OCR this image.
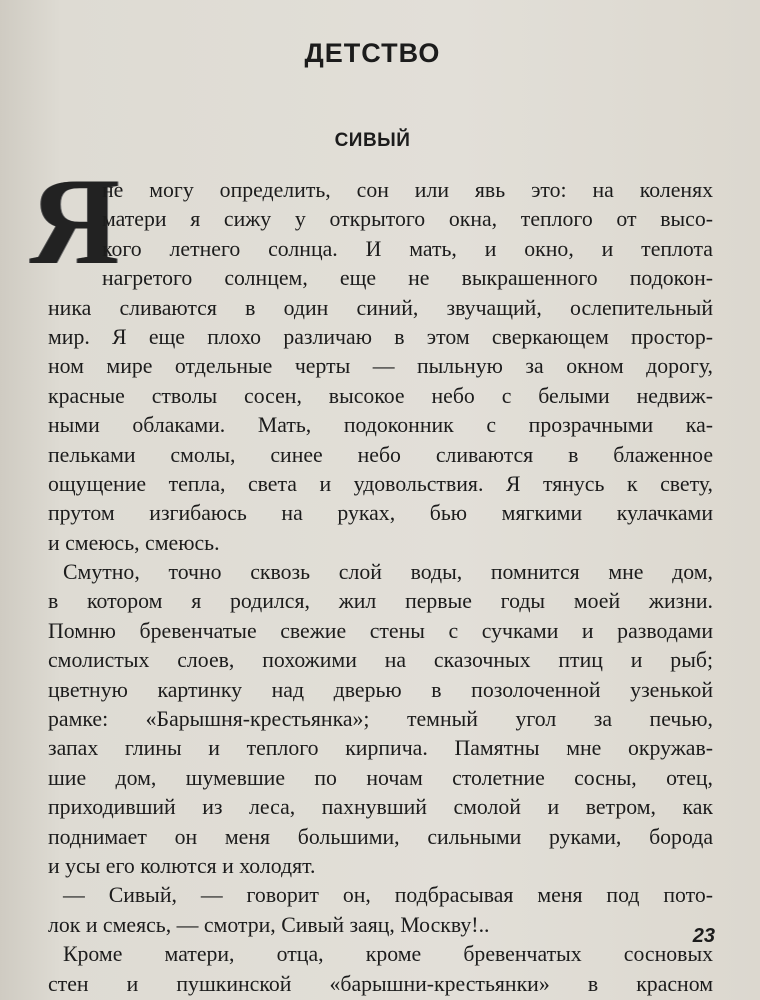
ДЕТСТВО
СИВЫЙ
Я
не могу определить, сон или явь это: на коленях
матери я сижу у открытого окна, теплого от высо-
кого летнего солнца. И мать, и окно, и теплота
нагретого солнцем, еще не выкрашенного подокон-
ника сливаются в один синий, звучащий, ослепительный
мир. Я еще плохо различаю в этом сверкающем простор-
ном мире отдельные черты — пыльную за окном дорогу,
красные стволы сосен, высокое небо с белыми недвиж-
ными облаками. Мать, подоконник с прозрачными ка-
пельками смолы, синее небо сливаются в блаженное
ощущение тепла, света и удовольствия. Я тянусь к свету,
прутом изгибаюсь на руках, бью мягкими кулачками
и смеюсь, смеюсь.
Смутно, точно сквозь слой воды, помнится мне дом,
в котором я родился, жил первые годы моей жизни.
Помню бревенчатые свежие стены с сучками и разводами
смолистых слоев, похожими на сказочных птиц и рыб;
цветную картинку над дверью в позолоченной узенькой
рамке: «Барышня-крестьянка»; темный угол за печью,
запах глины и теплого кирпича. Памятны мне окружав-
шие дом, шумевшие по ночам столетние сосны, отец,
приходивший из леса, пахнувший смолой и ветром, как
поднимает он меня большими, сильными руками, борода
и усы его колются и холодят.
— Сивый, — говорит он, подбрасывая меня под пото-
лок и смеясь, — смотри, Сивый заяц, Москву!..
Кроме матери, отца, кроме бревенчатых сосновых
стен и пушкинской «барышни-крестьянки» в красном
23
